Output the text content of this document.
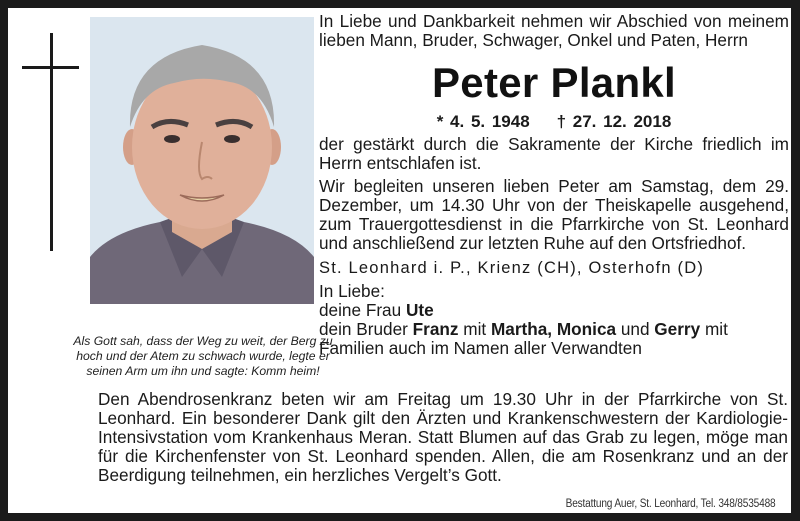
Als Gott sah, dass der Weg zu weit, der Berg zu hoch und der Atem zu schwach wurde, legte er seinen Arm um ihn und sagte: Komm heim!

In Liebe und Dankbarkeit nehmen wir Abschied von meinem lieben Mann, Bruder, Schwager, Onkel und Paten, Herrn

Peter Plankl

* 4. 5. 1948 † 27. 12. 2018

der gestärkt durch die Sakramente der Kirche friedlich im Herrn entschlafen ist.

Wir begleiten unseren lieben Peter am Samstag, dem 29. Dezember, um 14.30 Uhr von der Theiskapelle ausgehend, zum Trauergottesdienst in die Pfarrkirche von St. Leonhard und anschließend zur letzten Ruhe auf den Ortsfriedhof.

St. Leonhard i. P., Krienz (CH), Osterhofn (D)

In Liebe:

deine Frau Ute

dein Bruder Franz mit Martha, Monica und Gerry mit

Familien auch im Namen aller Verwandten

Den Abendrosenkranz beten wir am Freitag um 19.30 Uhr in der Pfarrkirche von St. Leonhard. Ein besonderer Dank gilt den Ärzten und Krankenschwestern der Kardiologie-Intensivstation vom Krankenhaus Meran. Statt Blumen auf das Grab zu legen, möge man für die Kirchenfenster von St. Leonhard spenden. Allen, die am Rosenkranz und an der Beerdigung teilnehmen, ein herzliches Vergelt’s Gott.

Bestattung Auer, St. Leonhard, Tel. 348/8535488
